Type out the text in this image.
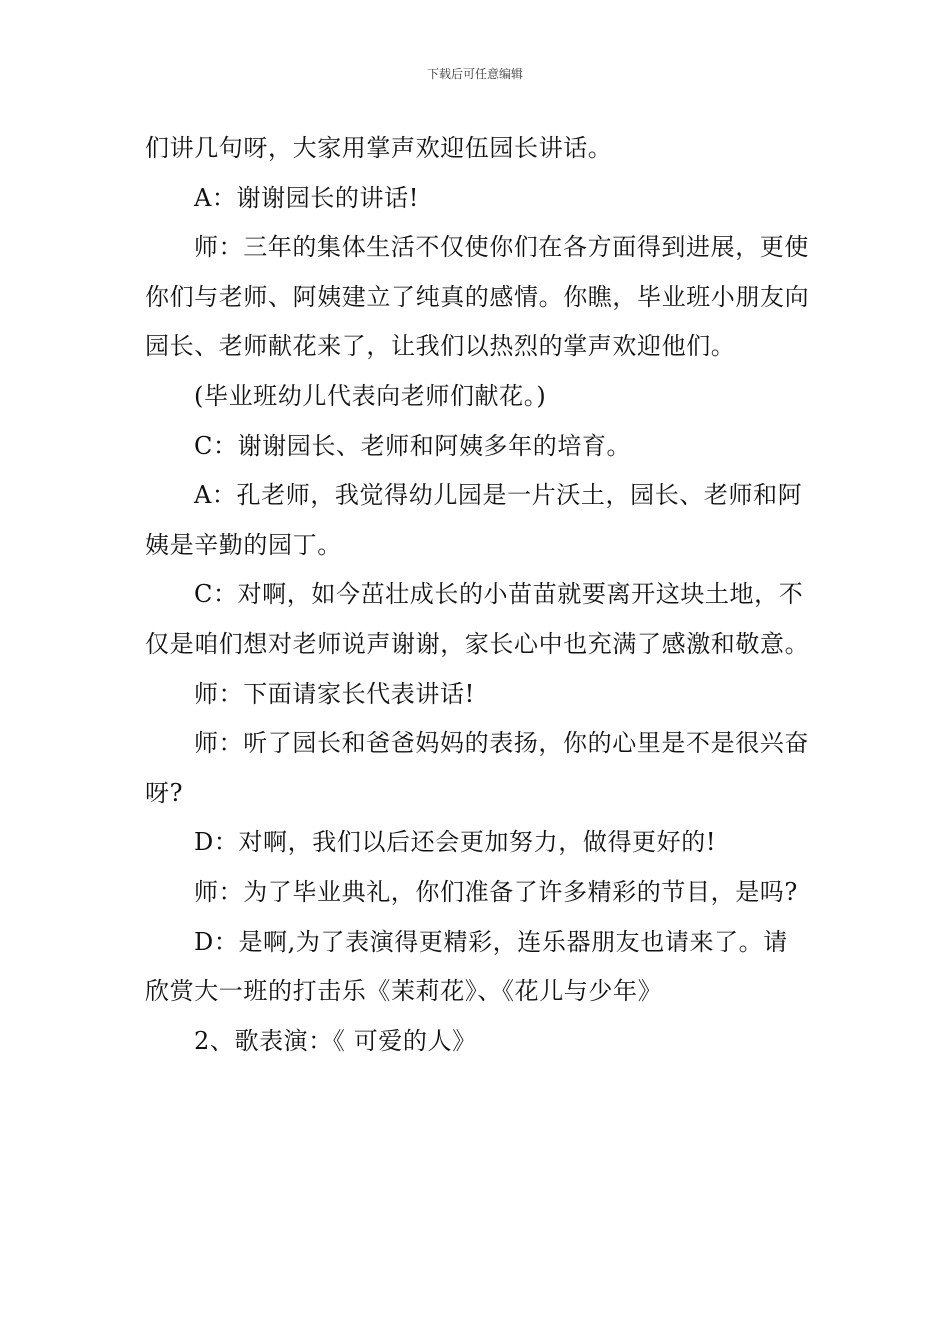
下载后可任意编辑

们讲几句呀，大家用掌声欢迎伍园长讲话。

A：谢谢园长的讲话!

师：三年的集体生活不仅使你们在各方面得到进展，更使你们与老师、阿姨建立了纯真的感情。你瞧，毕业班小朋友向园长、老师献花来了，让我们以热烈的掌声欢迎他们。

(毕业班幼儿代表向老师们献花。)

C：谢谢园长、老师和阿姨多年的培育。

A：孔老师，我觉得幼儿园是一片沃土，园长、老师和阿姨是辛勤的园丁。

C：对啊，如今茁壮成长的小苗苗就要离开这块土地，不仅是咱们想对老师说声谢谢，家长心中也充满了感激和敬意。

师：下面请家长代表讲话!

师：听了园长和爸爸妈妈的表扬，你的心里是不是很兴奋呀?

D：对啊，我们以后还会更加努力，做得更好的!

师：为了毕业典礼，你们准备了许多精彩的节目，是吗?

D：是啊,为了表演得更精彩，连乐器朋友也请来了。请欣赏大一班的打击乐《茉莉花》、《花儿与少年》

2、歌表演：《 可爱的人》
